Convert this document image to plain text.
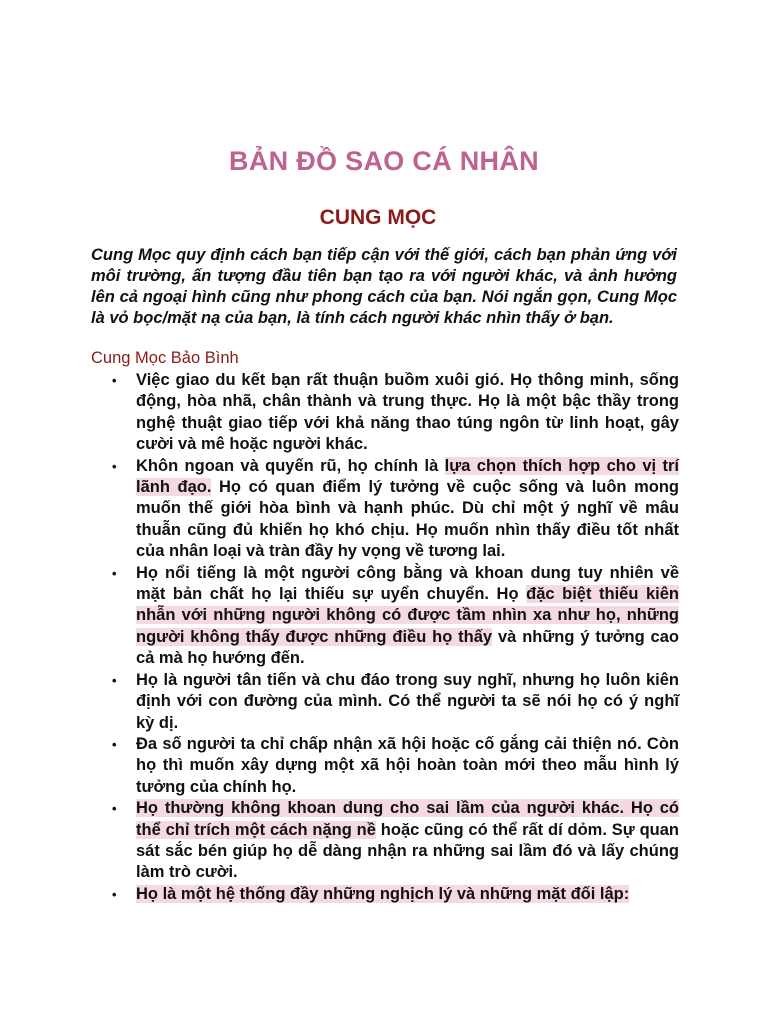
BẢN ĐỒ SAO CÁ NHÂN
CUNG MỌC

Cung Mọc quy định cách bạn tiếp cận với thế giới, cách bạn phản ứng với môi trường, ấn tượng đầu tiên bạn tạo ra với người khác, và ảnh hưởng lên cả ngoại hình cũng như phong cách của bạn. Nói ngắn gọn, Cung Mọc là vỏ bọc/mặt nạ của bạn, là tính cách người khác nhìn thấy ở bạn.

Cung Mọc Bảo Bình

• Việc giao du kết bạn rất thuận buồm xuôi gió. Họ thông minh, sống động, hòa nhã, chân thành và trung thực. Họ là một bậc thầy trong nghệ thuật giao tiếp với khả năng thao túng ngôn từ linh hoạt, gây cười và mê hoặc người khác.
• Khôn ngoan và quyến rũ, họ chính là lựa chọn thích hợp cho vị trí lãnh đạo. Họ có quan điểm lý tưởng về cuộc sống và luôn mong muốn thế giới hòa bình và hạnh phúc. Dù chỉ một ý nghĩ về mâu thuẫn cũng đủ khiến họ khó chịu. Họ muốn nhìn thấy điều tốt nhất của nhân loại và tràn đầy hy vọng về tương lai.
• Họ nổi tiếng là một người công bằng và khoan dung tuy nhiên về mặt bản chất họ lại thiếu sự uyển chuyển. Họ đặc biệt thiếu kiên nhẫn với những người không có được tầm nhìn xa như họ, những người không thấy được những điều họ thấy và những ý tưởng cao cả mà họ hướng đến.
• Họ là người tân tiến và chu đáo trong suy nghĩ, nhưng họ luôn kiên định với con đường của mình. Có thể người ta sẽ nói họ có ý nghĩ kỳ dị.
• Đa số người ta chỉ chấp nhận xã hội hoặc cố gắng cải thiện nó. Còn họ thì muốn xây dựng một xã hội hoàn toàn mới theo mẫu hình lý tưởng của chính họ.
• Họ thường không khoan dung cho sai lầm của người khác. Họ có thể chỉ trích một cách nặng nề hoặc cũng có thể rất dí dỏm. Sự quan sát sắc bén giúp họ dễ dàng nhận ra những sai lầm đó và lấy chúng làm trò cười.
• Họ là một hệ thống đầy những nghịch lý và những mặt đối lập:
